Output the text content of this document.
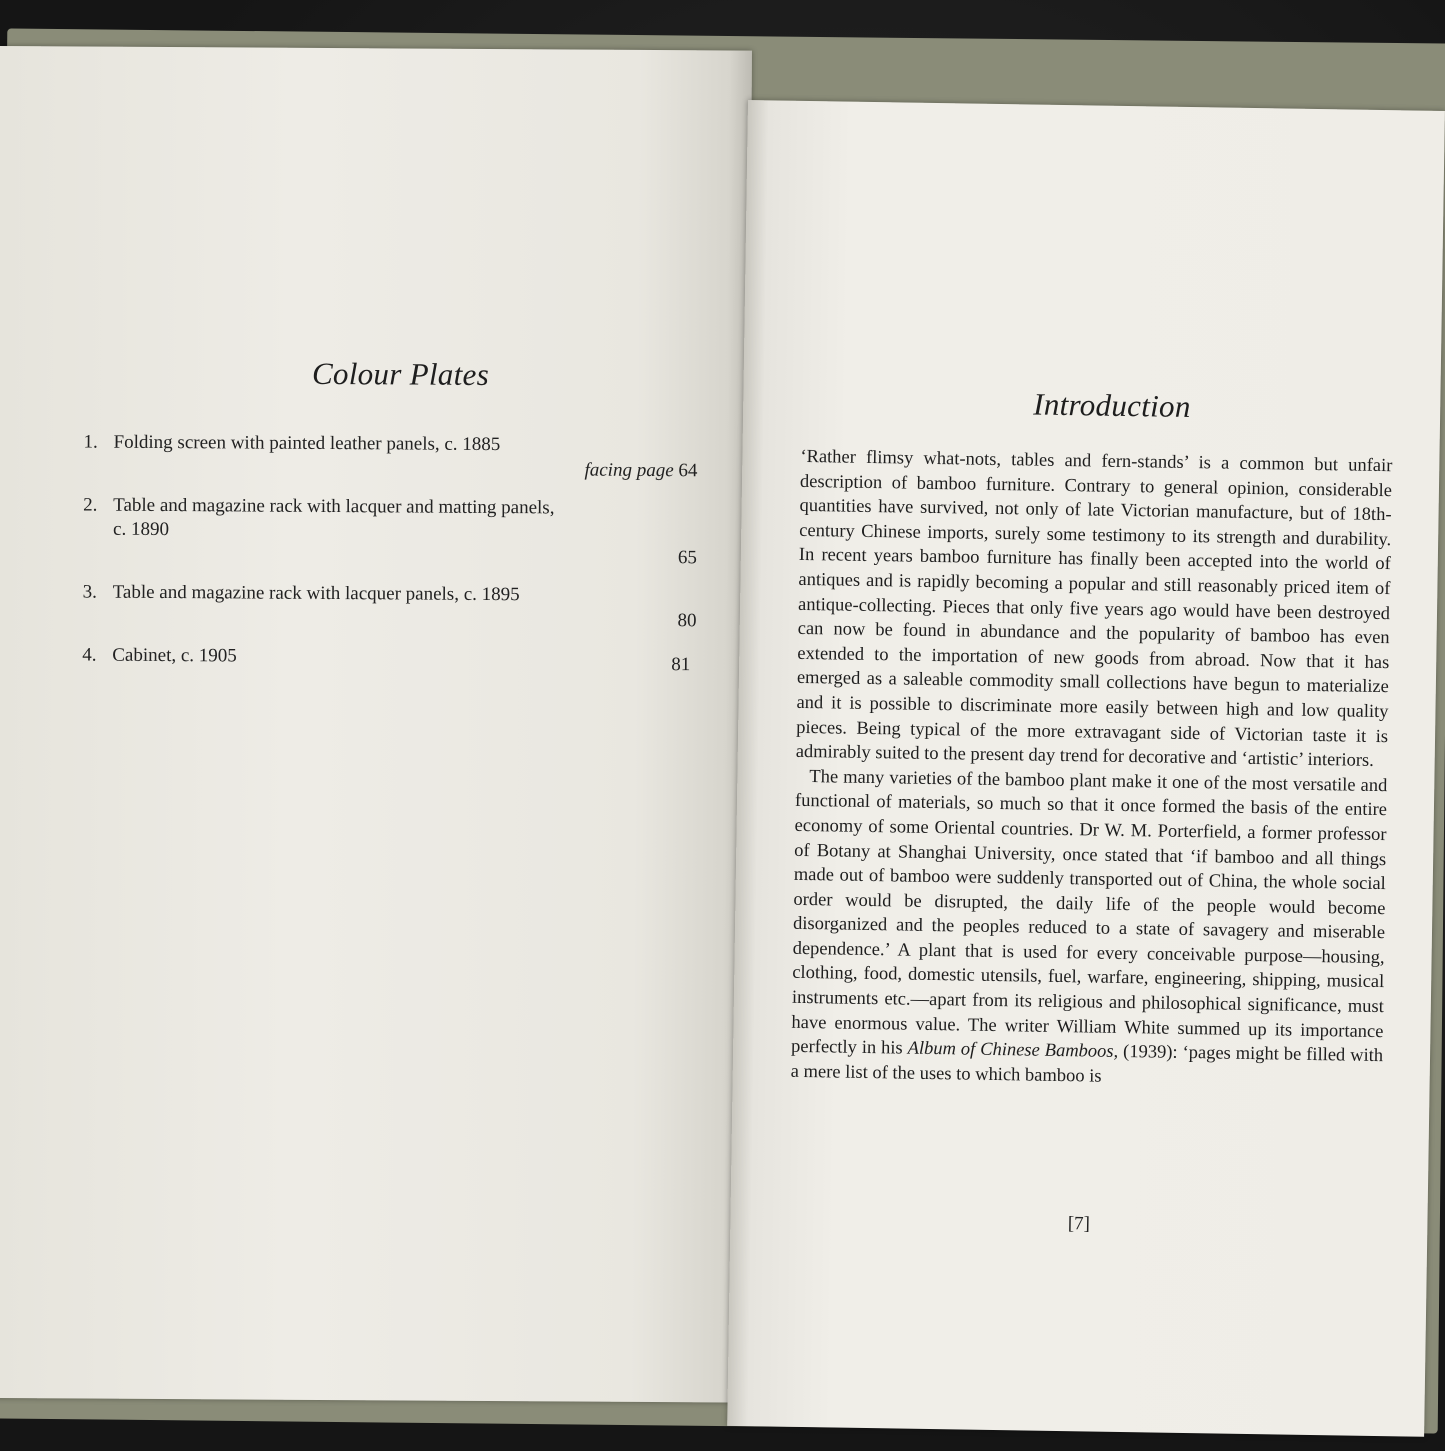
Colour Plates
1. Folding screen with painted leather panels, c. 1885
facing page 64
2. Table and magazine rack with lacquer and matting panels, c. 1890
65
3. Table and magazine rack with lacquer panels, c. 1895
80
4. Cabinet, c. 1905	81
Introduction

‘Rather flimsy what-nots, tables and fern-stands’ is a common but unfair description of bamboo furniture. Contrary to general opinion, considerable quantities have survived, not only of late Victorian manufacture, but of 18th-century Chinese imports, surely some testimony to its strength and durability. In recent years bamboo furniture has finally been accepted into the world of antiques and is rapidly becoming a popular and still reasonably priced item of antique-collecting. Pieces that only five years ago would have been destroyed can now be found in abundance and the popularity of bamboo has even extended to the importation of new goods from abroad. Now that it has emerged as a saleable commodity small collections have begun to materialize and it is possible to discriminate more easily between high and low quality pieces. Being typical of the more extravagant side of Victorian taste it is admirably suited to the present day trend for decorative and ‘artistic’ interiors.

The many varieties of the bamboo plant make it one of the most versatile and functional of materials, so much so that it once formed the basis of the entire economy of some Oriental countries. Dr W. M. Porterfield, a former professor of Botany at Shanghai University, once stated that ‘if bamboo and all things made out of bamboo were suddenly transported out of China, the whole social order would be disrupted, the daily life of the people would become disorganized and the peoples reduced to a state of savagery and miserable dependence.’ A plant that is used for every conceivable purpose—housing, clothing, food, domestic utensils, fuel, warfare, engineering, shipping, musical instruments etc.—apart from its religious and philosophical significance, must have enormous value. The writer William White summed up its importance perfectly in his Album of Chinese Bamboos, (1939): ‘pages might be filled with a mere list of the uses to which bamboo is

[7]
